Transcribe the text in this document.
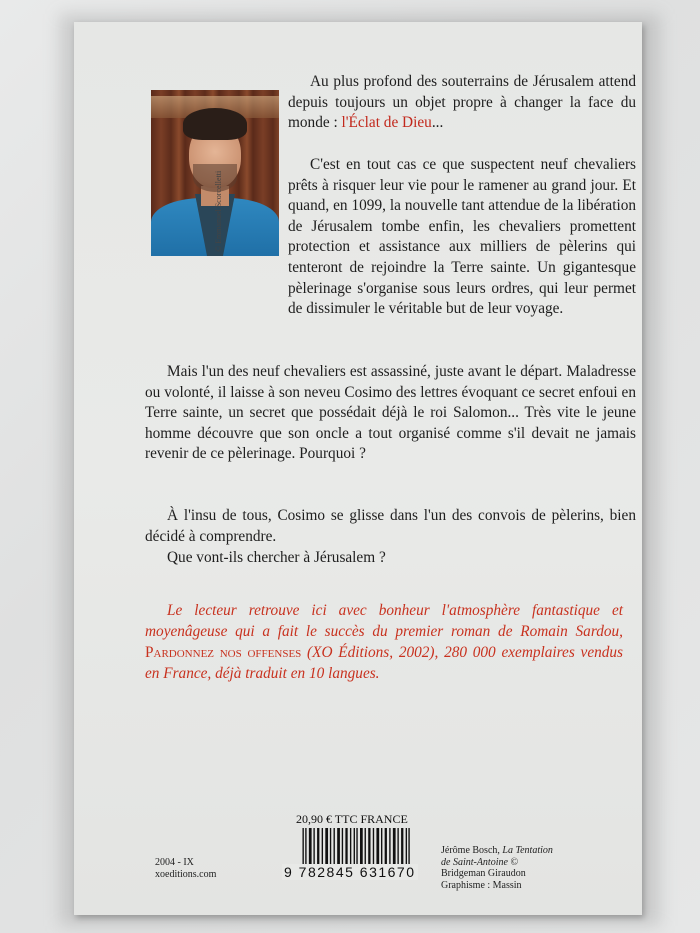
© Emmanuel Scorcelletti
Au plus profond des souterrains de Jérusalem attend depuis toujours un objet propre à changer la face du monde : l'Éclat de Dieu...
C'est en tout cas ce que suspectent neuf chevaliers prêts à risquer leur vie pour le ramener au grand jour. Et quand, en 1099, la nouvelle tant attendue de la libération de Jérusalem tombe enfin, les chevaliers promettent protection et assistance aux milliers de pèlerins qui tenteront de rejoindre la Terre sainte. Un gigantesque pèlerinage s'organise sous leurs ordres, qui leur permet de dissimuler le véritable but de leur voyage.
Mais l'un des neuf chevaliers est assassiné, juste avant le départ. Maladresse ou volonté, il laisse à son neveu Cosimo des lettres évoquant ce secret enfoui en Terre sainte, un secret que possédait déjà le roi Salomon... Très vite le jeune homme découvre que son oncle a tout organisé comme s'il devait ne jamais revenir de ce pèlerinage. Pourquoi ?
À l'insu de tous, Cosimo se glisse dans l'un des convois de pèlerins, bien décidé à comprendre.
Que vont-ils chercher à Jérusalem ?
Le lecteur retrouve ici avec bonheur l'atmosphère fantastique et moyenâgeuse qui a fait le succès du premier roman de Romain Sardou, Pardonnez nos offenses (XO Éditions, 2002), 280 000 exemplaires vendus en France, déjà traduit en 10 langues.
2004 - IX
xoeditions.com
20,90 € TTC FRANCE
9 782845 631670
Jérôme Bosch, La Tentation de Saint-Antoine © Bridgeman Giraudon
Graphisme : Massin
